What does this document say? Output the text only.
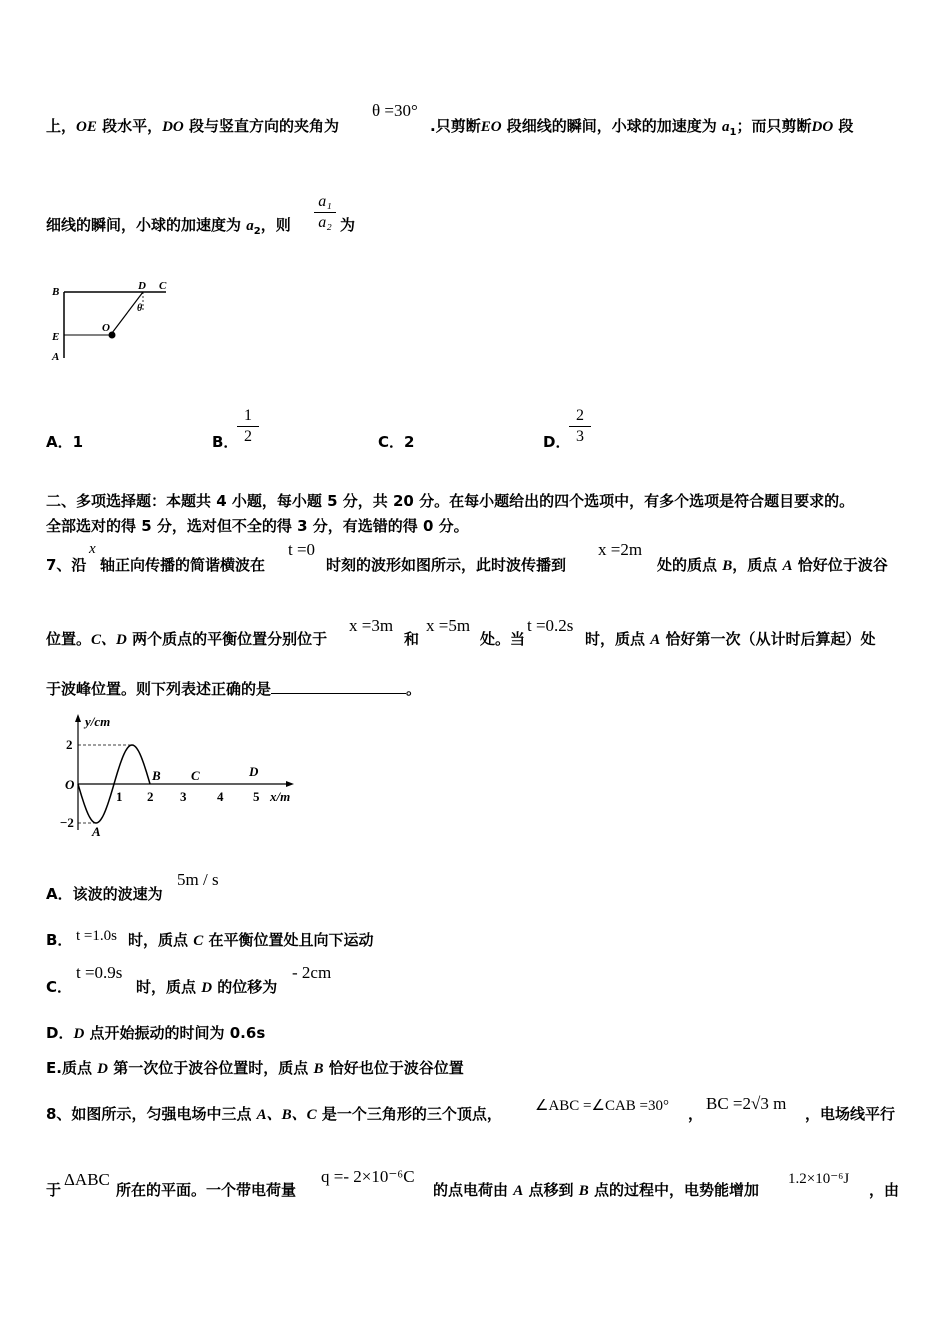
上，OE 段水平，DO 段与竖直方向的夹角为
θ =30°
.只剪断EO 段细线的瞬间，小球的加速度为 $a_1$；而只剪断DO 段
细线的瞬间，小球的加速度为 $a_2$，则 $\frac{\text{a₁}}{\text{a₂}}$ 为
B	D C
θ
O
E
A
A．1	B．
$\frac{1}{2}$	C．2	D．
$\frac{2}{3}$
二、多项选择题：本题共 4 小题，每小题 5 分，共 20 分。在每小题给出的四个选项中，有多个选项是符合题目要求的。
全部选对的得 5 分，选对但不全的得 3 分，有选错的得 0 分。
7、沿
x
轴正向传播的简谐横波在
t =0
时刻的波形如图所示，此时波传播到
x =2m
处的质点 B，质点 A 恰好位于波谷
位置。C、D 两个质点的平衡位置分别位于
x =3m
和
x =5m
处。当
t =0.2s
时，质点 A 恰好第一次（从计时后算起）处
于波峰位置。则下列表述正确的是	。
y/cm
2
O
−2
1 2 3 4 5 x/m
A
B C	D
A．该波的波速为
5m / s
B． t =1.0s 时，质点 C 在平衡位置处且向下运动
C．
t =0.9s
时，质点 D 的位移为
- 2cm
D．D 点开始振动的时间为 0.6s
E.质点 D 第一次位于波谷位置时，质点 B 恰好也位于波谷位置
8、如图所示，匀强电场中三点 A、B、C 是一个三角形的三个顶点， ∠ABC =∠CAB =30° ，
BC =2√3 m
，电场线平行
于
ΔABC
所在的平面。一个带电荷量
q =- 2×10⁻⁶C
的点电荷由 A 点移到 B 点的过程中，电势能增加
1.2×10⁻⁶J
，由
